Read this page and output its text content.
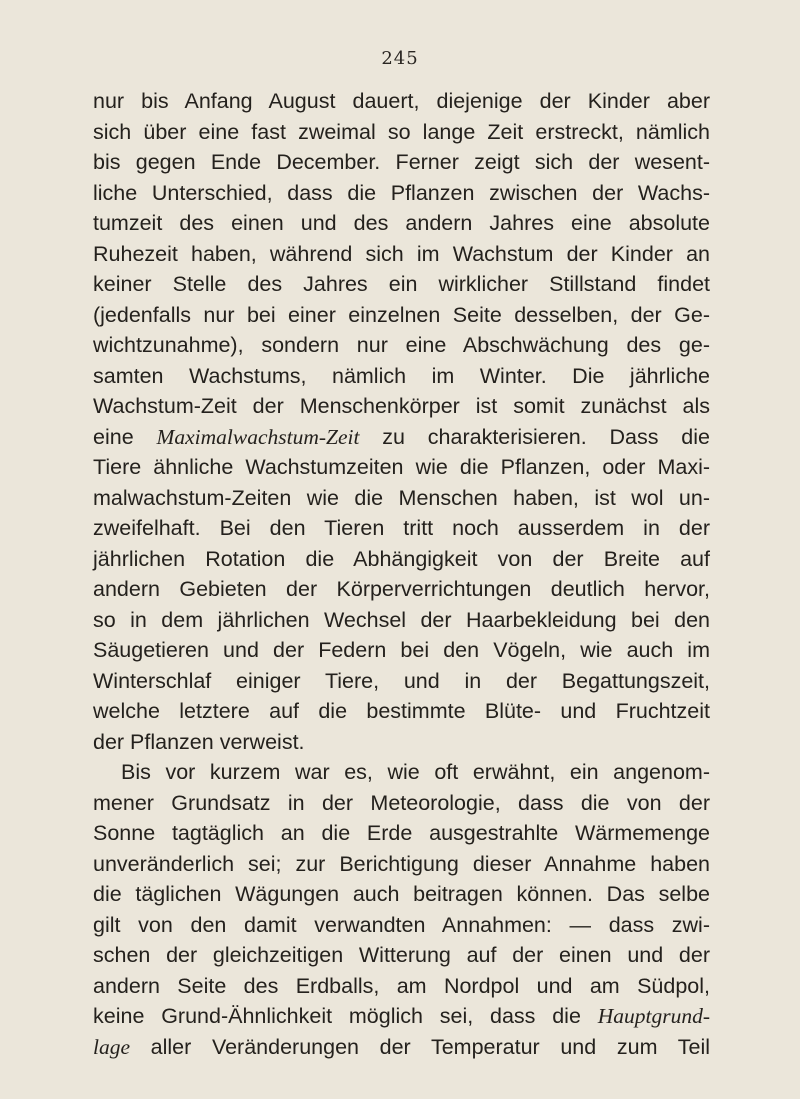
245
nur bis Anfang August dauert, diejenige der Kinder aber
sich über eine fast zweimal so lange Zeit erstreckt, nämlich
bis gegen Ende December. Ferner zeigt sich der wesent-
liche Unterschied, dass die Pflanzen zwischen der Wachs-
tumzeit des einen und des andern Jahres eine absolute
Ruhezeit haben, während sich im Wachstum der Kinder an
keiner Stelle des Jahres ein wirklicher Stillstand findet
(jedenfalls nur bei einer einzelnen Seite desselben, der Ge-
wichtzunahme), sondern nur eine Abschwächung des ge-
samten Wachstums, nämlich im Winter. Die jährliche
Wachstum-Zeit der Menschenkörper ist somit zunächst als
eine Maximalwachstum-Zeit zu charakterisieren. Dass die
Tiere ähnliche Wachstumzeiten wie die Pflanzen, oder Maxi-
malwachstum-Zeiten wie die Menschen haben, ist wol un-
zweifelhaft. Bei den Tieren tritt noch ausserdem in der
jährlichen Rotation die Abhängigkeit von der Breite auf
andern Gebieten der Körperverrichtungen deutlich hervor,
so in dem jährlichen Wechsel der Haarbekleidung bei den
Säugetieren und der Federn bei den Vögeln, wie auch im
Winterschlaf einiger Tiere, und in der Begattungszeit,
welche letztere auf die bestimmte Blüte- und Fruchtzeit
der Pflanzen verweist.
Bis vor kurzem war es, wie oft erwähnt, ein angenom-
mener Grundsatz in der Meteorologie, dass die von der
Sonne tagtäglich an die Erde ausgestrahlte Wärmemenge
unveränderlich sei; zur Berichtigung dieser Annahme haben
die täglichen Wägungen auch beitragen können. Das selbe
gilt von den damit verwandten Annahmen: — dass zwi-
schen der gleichzeitigen Witterung auf der einen und der
andern Seite des Erdballs, am Nordpol und am Südpol,
keine Grund-Ähnlichkeit möglich sei, dass die Hauptgrund-
lage aller Veränderungen der Temperatur und zum Teil
